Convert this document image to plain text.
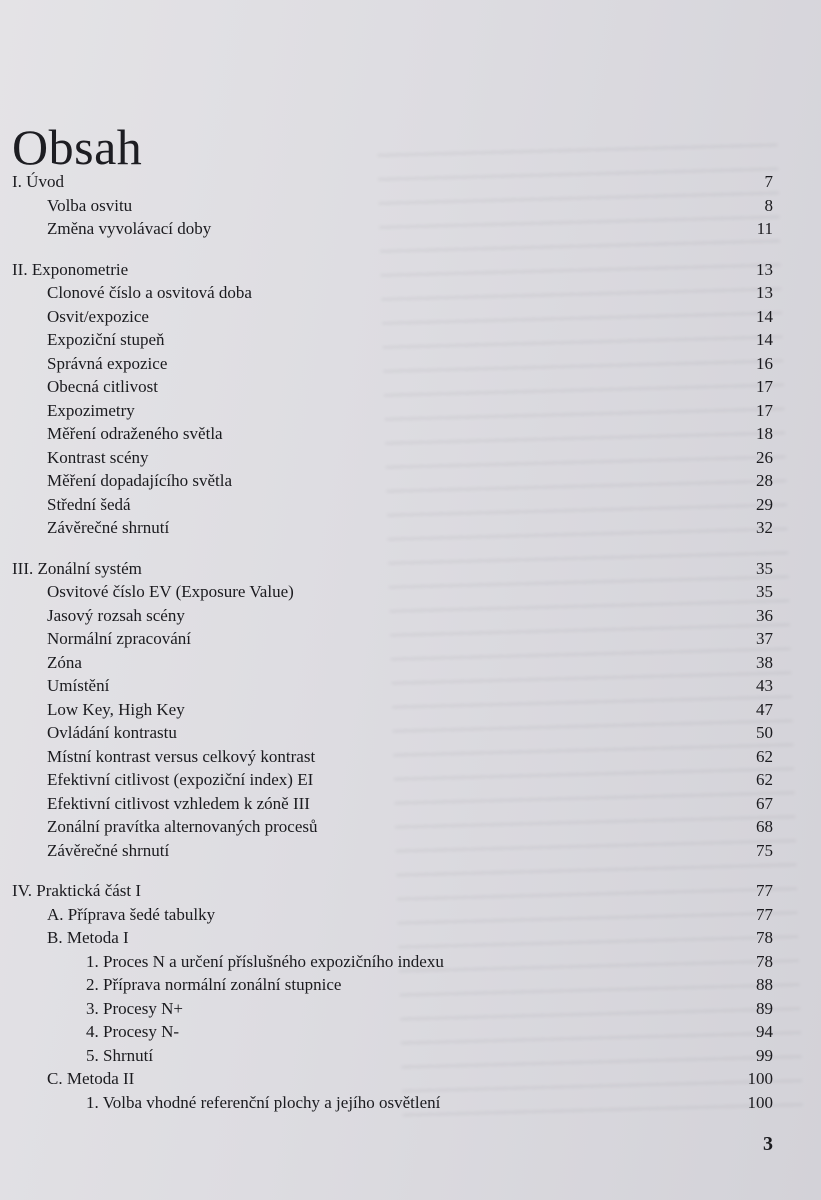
Obsah
I. Úvod	7
Volba osvitu	8
Změna vyvolávací doby	11
II. Exponometrie	13
Clonové číslo a osvitová doba	13
Osvit/expozice	14
Expoziční stupeň	14
Správná expozice	16
Obecná citlivost	17
Expozimetry	17
Měření odraženého světla	18
Kontrast scény	26
Měření dopadajícího světla	28
Střední šedá	29
Závěrečné shrnutí	32
III. Zonální systém	35
Osvitové číslo EV (Exposure Value)	35
Jasový rozsah scény	36
Normální zpracování	37
Zóna	38
Umístění	43
Low Key, High Key	47
Ovládání kontrastu	50
Místní kontrast versus celkový kontrast	62
Efektivní citlivost (expoziční index) EI	62
Efektivní citlivost vzhledem k zóně III	67
Zonální pravítka alternovaných procesů	68
Závěrečné shrnutí	75
IV. Praktická část I	77
A. Příprava šedé tabulky	77
B. Metoda I	78
1. Proces N a určení příslušného expozičního indexu	78
2. Příprava normální zonální stupnice	88
3. Procesy N+	89
4. Procesy N-	94
5. Shrnutí	99
C. Metoda II	100
1. Volba vhodné referenční plochy a jejího osvětlení	100
3
